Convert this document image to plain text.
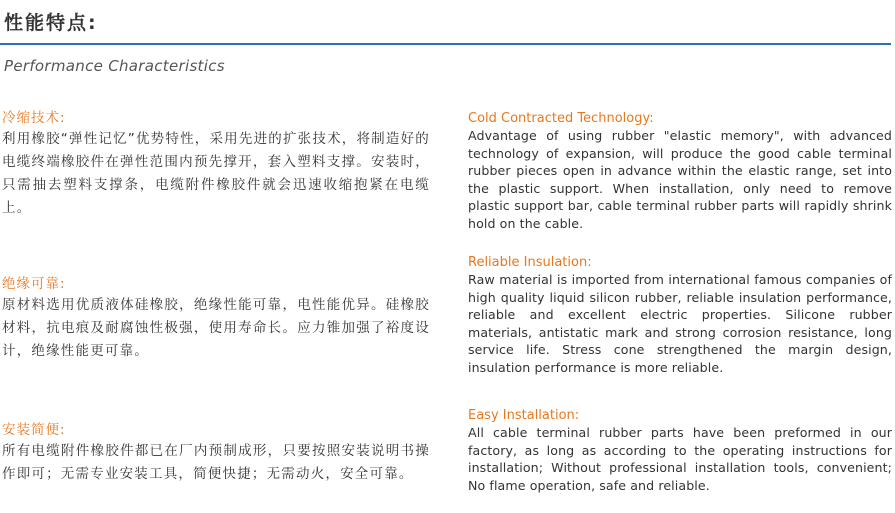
性能特点:
Performance Characteristics
冷缩技术:
利用橡胶“弹性记忆”优势特性，采用先进的扩张技术，将制造好的电缆终端橡胶件在弹性范围内预先撑开，套入塑料支撑。安装时，只需抽去塑料支撑条，电缆附件橡胶件就会迅速收缩抱紧在电缆上。
Cold Contracted Technology:
Advantage of using rubber "elastic memory", with advanced technology of expansion, will produce the good cable terminal rubber pieces open in advance within the elastic range, set into the plastic support. When installation, only need to remove plastic support bar, cable terminal rubber parts will rapidly shrink hold on the cable.
绝缘可靠:
原材料选用优质液体硅橡胶，绝缘性能可靠，电性能优异。硅橡胶材料，抗电痕及耐腐蚀性极强，使用寿命长。应力锥加强了裕度设计，绝缘性能更可靠。
Reliable Insulation:
Raw material is imported from international famous companies of high quality liquid silicon rubber, reliable insulation performance, reliable and excellent electric properties. Silicone rubber materials, antistatic mark and strong corrosion resistance, long service life. Stress cone strengthened the margin design, insulation performance is more reliable.
安装简便:
所有电缆附件橡胶件都已在厂内预制成形，只要按照安装说明书操作即可；无需专业安装工具，简便快捷；无需动火，安全可靠。
Easy Installation:
All cable terminal rubber parts have been preformed in our factory, as long as according to the operating instructions for installation; Without professional installation tools, convenient; No flame operation, safe and reliable.
